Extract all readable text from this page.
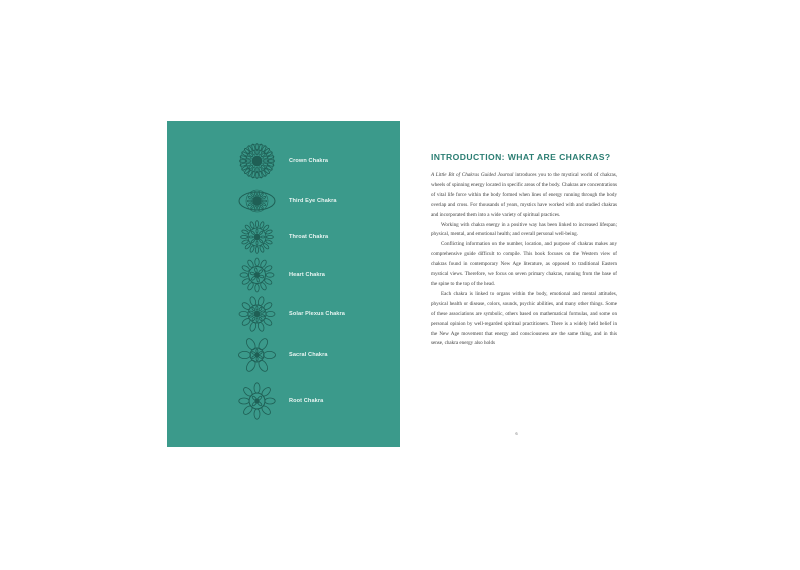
Crown Chakra
Third Eye Chakra
Throat Chakra
Heart Chakra
Solar Plexus Chakra
Sacral Chakra
Root Chakra
INTRODUCTION: WHAT ARE CHAKRAS?

A Little Bit of Chakras Guided Journal introduces you to the mystical world of chakras, wheels of spinning energy located in specific areas of the body. Chakras are concentrations of vital life force within the body formed when lines of energy running through the body overlap and cross. For thousands of years, mystics have worked with and studied chakras and incorporated them into a wide variety of spiritual practices.

Working with chakra energy in a positive way has been linked to increased lifespan; physical, mental, and emotional health; and overall personal well-being.

Conflicting information on the number, location, and purpose of chakras makes any comprehensive guide difficult to compile. This book focuses on the Western view of chakras found in contemporary New Age literature, as opposed to traditional Eastern mystical views. Therefore, we focus on seven primary chakras, running from the base of the spine to the top of the head.

Each chakra is linked to organs within the body, emotional and mental attitudes, physical health or disease, colors, sounds, psychic abilities, and many other things. Some of these associations are symbolic, others based on mathematical formulas, and some on personal opinion by well-regarded spiritual practitioners. There is a widely held belief in the New Age movement that energy and consciousness are the same thing, and in this sense, chakra energy also holds

6
